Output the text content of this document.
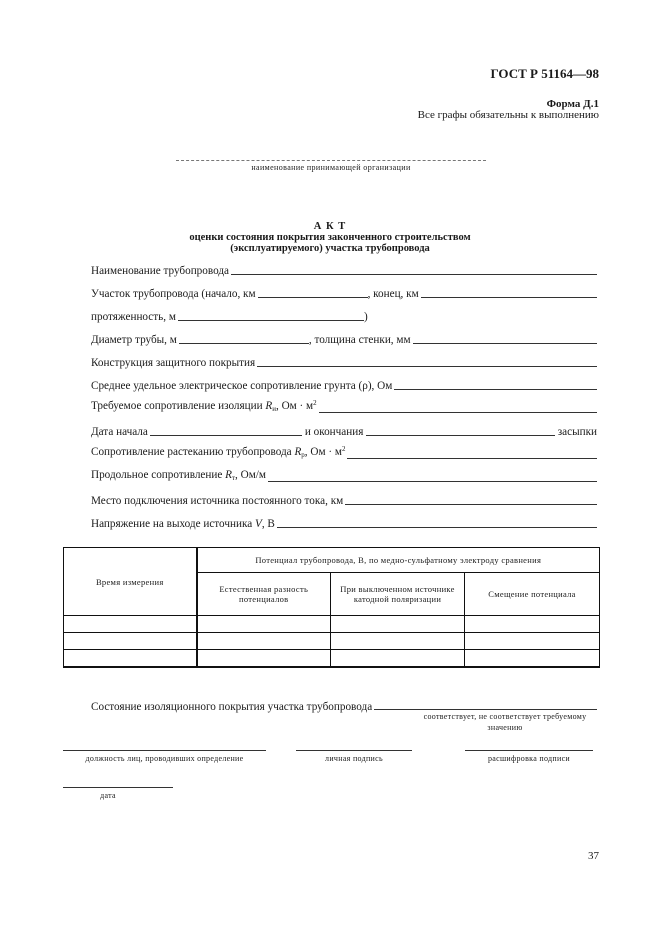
ГОСТ Р 51164—98
Форма Д.1
Все графы обязательны к выполнению
наименование принимающей организации
А К Т
оценки состояния покрытия законченного строительством
(эксплуатируемого) участка трубопровода
Наименование трубопровода
Участок трубопровода (начало, км	, конец, км
протяженность, м	)
Диаметр трубы, м	, толщина стенки, мм
Конструкция защитного покрытия
Среднее удельное электрическое сопротивление грунта (ρ), Ом
Требуемое сопротивление изоляции $R_и$, Ом · $м^2$
Дата начала	и окончания	засыпки
Сопротивление растеканию трубопровода $R_p$, Ом · $м^2$
Продольное сопротивление $R_т$, Ом/м
Место подключения источника постоянного тока, км
Напряжение на выходе источника V, В
Время измерения	Потенциал трубопровода, В, по медно-сульфатному электроду сравнения		
	Естественная разность потенциалов	При выключенном источнике катодной поляризации	Смещение потенциала

Состояние изоляционного покрытия участка трубопровода
соответствует, не соответствует требуемому значению
должность лиц, проводивших определение	личная подпись	расшифровка подписи
дата
37
